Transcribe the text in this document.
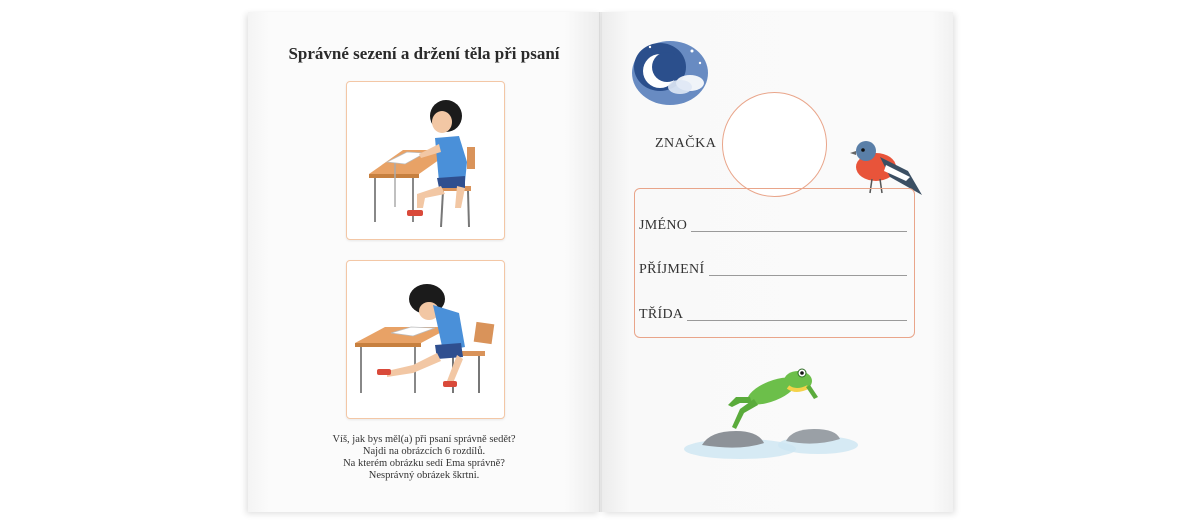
Správné sezení a držení těla při psaní
Víš, jak bys měl(a) při psaní správně sedět?
Najdi na obrázcích 6 rozdílů.
Na kterém obrázku sedí Ema správně?
Nesprávný obrázek škrtni.
ZNAČKA
JMÉNO
PŘÍJMENÍ
TŘÍDA
